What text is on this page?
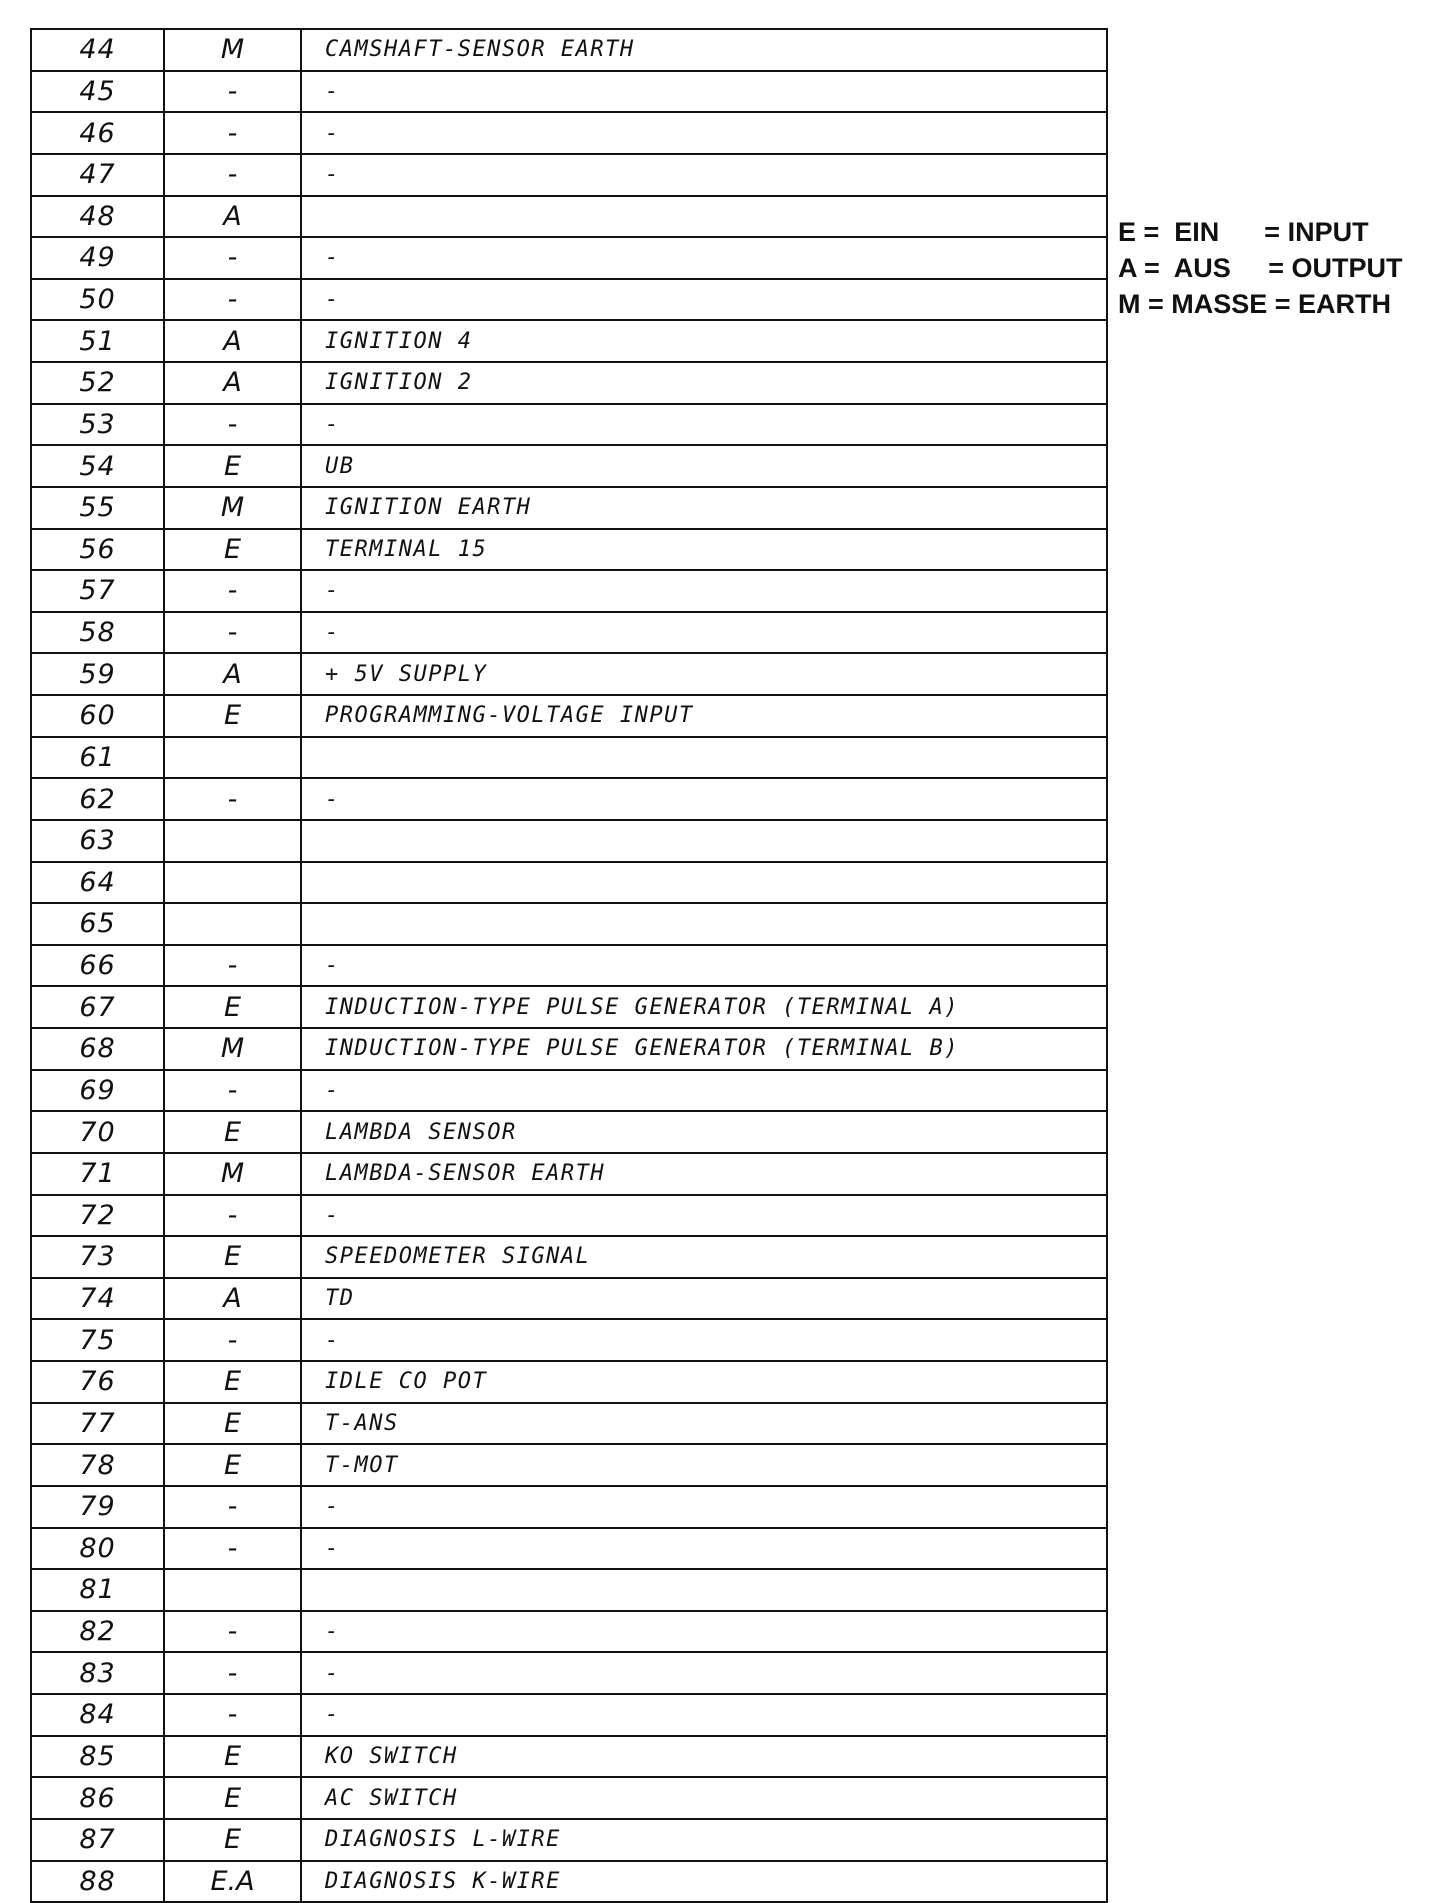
44	M	CAMSHAFT-SENSOR EARTH
45	-	-
46	-	-
47	-	-
48	A	
49	-	-
50	-	-
51	A	IGNITION 4
52	A	IGNITION 2
53	-	-
54	E	UB
55	M	IGNITION EARTH
56	E	TERMINAL 15
57	-	-
58	-	-
59	A	+ 5V SUPPLY
60	E	PROGRAMMING-VOLTAGE INPUT
61		
62	-	-
63		
64		
65		
66	-	-
67	E	INDUCTION-TYPE PULSE GENERATOR (TERMINAL A)
68	M	INDUCTION-TYPE PULSE GENERATOR (TERMINAL B)
69	-	-
70	E	LAMBDA SENSOR
71	M	LAMBDA-SENSOR EARTH
72	-	-
73	E	SPEEDOMETER SIGNAL
74	A	TD
75	-	-
76	E	IDLE CO POT
77	E	T-ANS
78	E	T-MOT
79	-	-
80	-	-
81		
82	-	-
83	-	-
84	-	-
85	E	KO SWITCH
86	E	AC SWITCH
87	E	DIAGNOSIS L-WIRE
88	E.A	DIAGNOSIS K-WIRE
E =  EIN      = INPUT
A =  AUS     = OUTPUT
M = MASSE = EARTH
